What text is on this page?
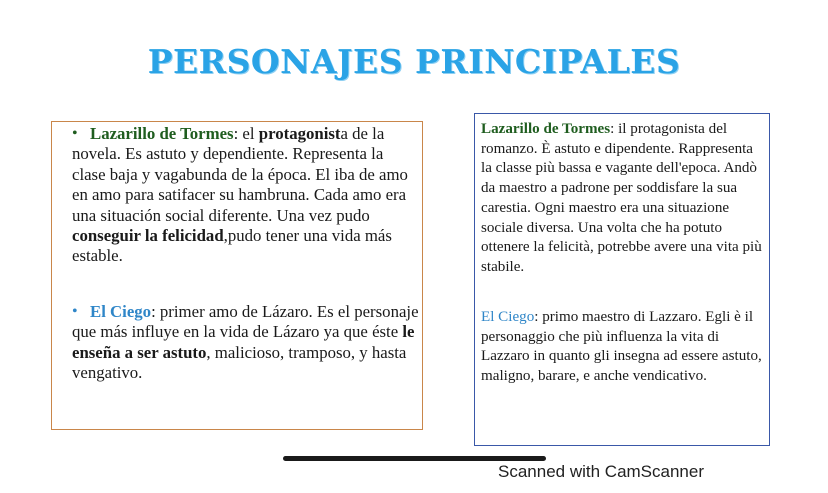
PERSONAJES PRINCIPALES
• Lazarillo de Tormes: el protagonista de la novela. Es astuto y dependiente. Representa la clase baja y vagabunda de la época. El iba de amo en amo para satifacer su hambruna. Cada amo era una situación social diferente. Una vez pudo conseguir la felicidad,pudo tener una vida más estable.
• El Ciego: primer amo de Lázaro. Es el personaje que más influye en la vida de Lázaro ya que éste le enseña a ser astuto, malicioso, tramposo, y hasta vengativo.
Lazarillo de Tormes: il protagonista del romanzo. È astuto e dipendente. Rappresenta la classe più bassa e vagante dell'epoca. Andò da maestro a padrone per soddisfare la sua carestia. Ogni maestro era una situazione sociale diversa. Una volta che ha potuto ottenere la felicità, potrebbe avere una vita più stabile.
El Ciego: primo maestro di Lazzaro. Egli è il personaggio che più influenza la vita di Lazzaro in quanto gli insegna ad essere astuto, maligno, barare, e anche vendicativo.
Scanned with CamScanner
